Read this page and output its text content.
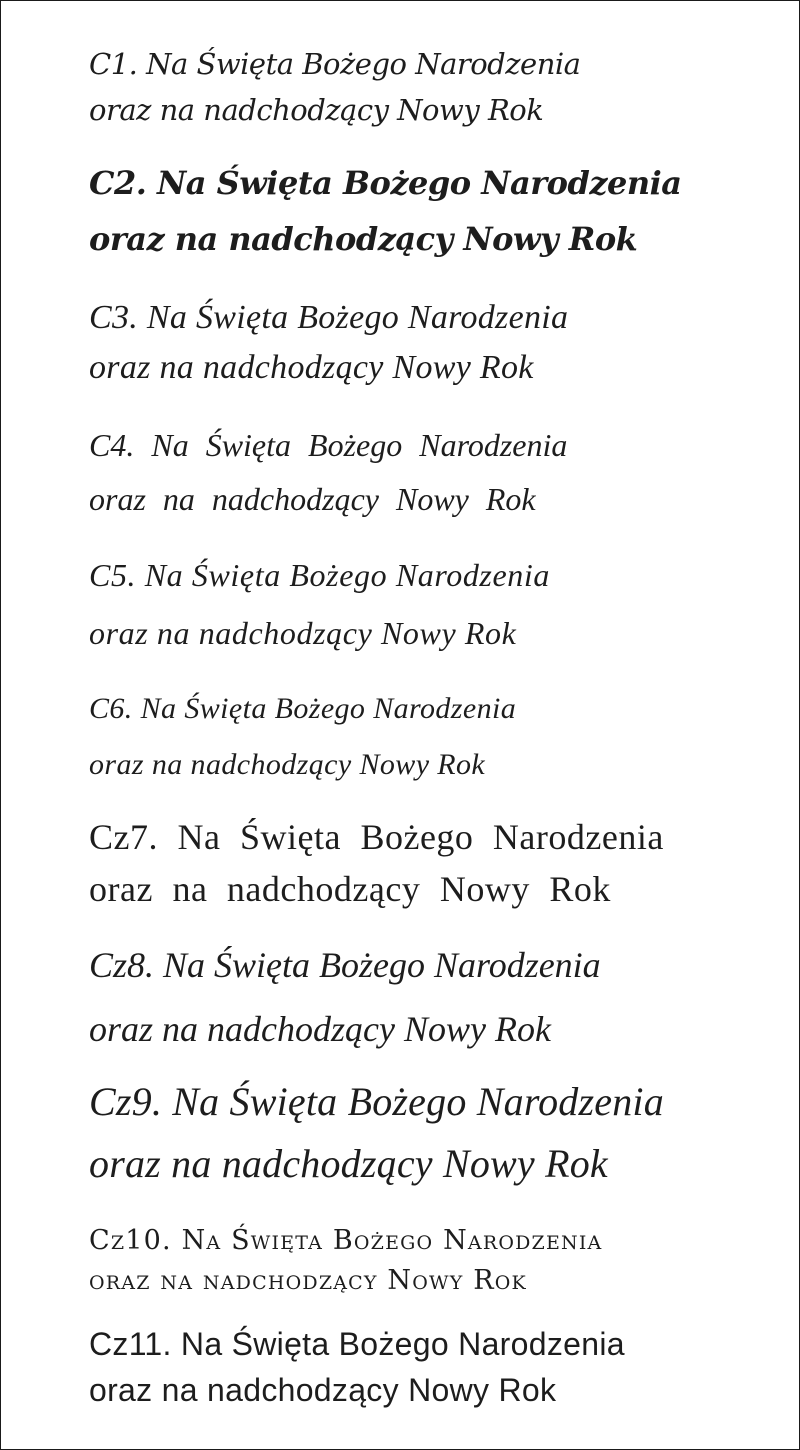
C1. Na Święta Bożego Narodzenia
oraz na nadchodzący Nowy Rok
C2. Na Święta Bożego Narodzenia
oraz na nadchodzący Nowy Rok
C3. Na Święta Bożego Narodzenia
oraz na nadchodzący Nowy Rok
C4. Na Święta Bożego Narodzenia
oraz na nadchodzący Nowy Rok
C5. Na Święta Bożego Narodzenia
oraz na nadchodzący Nowy Rok
C6. Na Święta Bożego Narodzenia
oraz na nadchodzący Nowy Rok
Cz7. Na Święta Bożego Narodzenia
oraz na nadchodzący Nowy Rok
Cz8. Na Święta Bożego Narodzenia
oraz na nadchodzący Nowy Rok
Cz9. Na Święta Bożego Narodzenia
oraz na nadchodzący Nowy Rok
Cz10. Na Święta Bożego Narodzenia
oraz na nadchodzący Nowy Rok
Cz11. Na Święta Bożego Narodzenia
oraz na nadchodzący Nowy Rok
